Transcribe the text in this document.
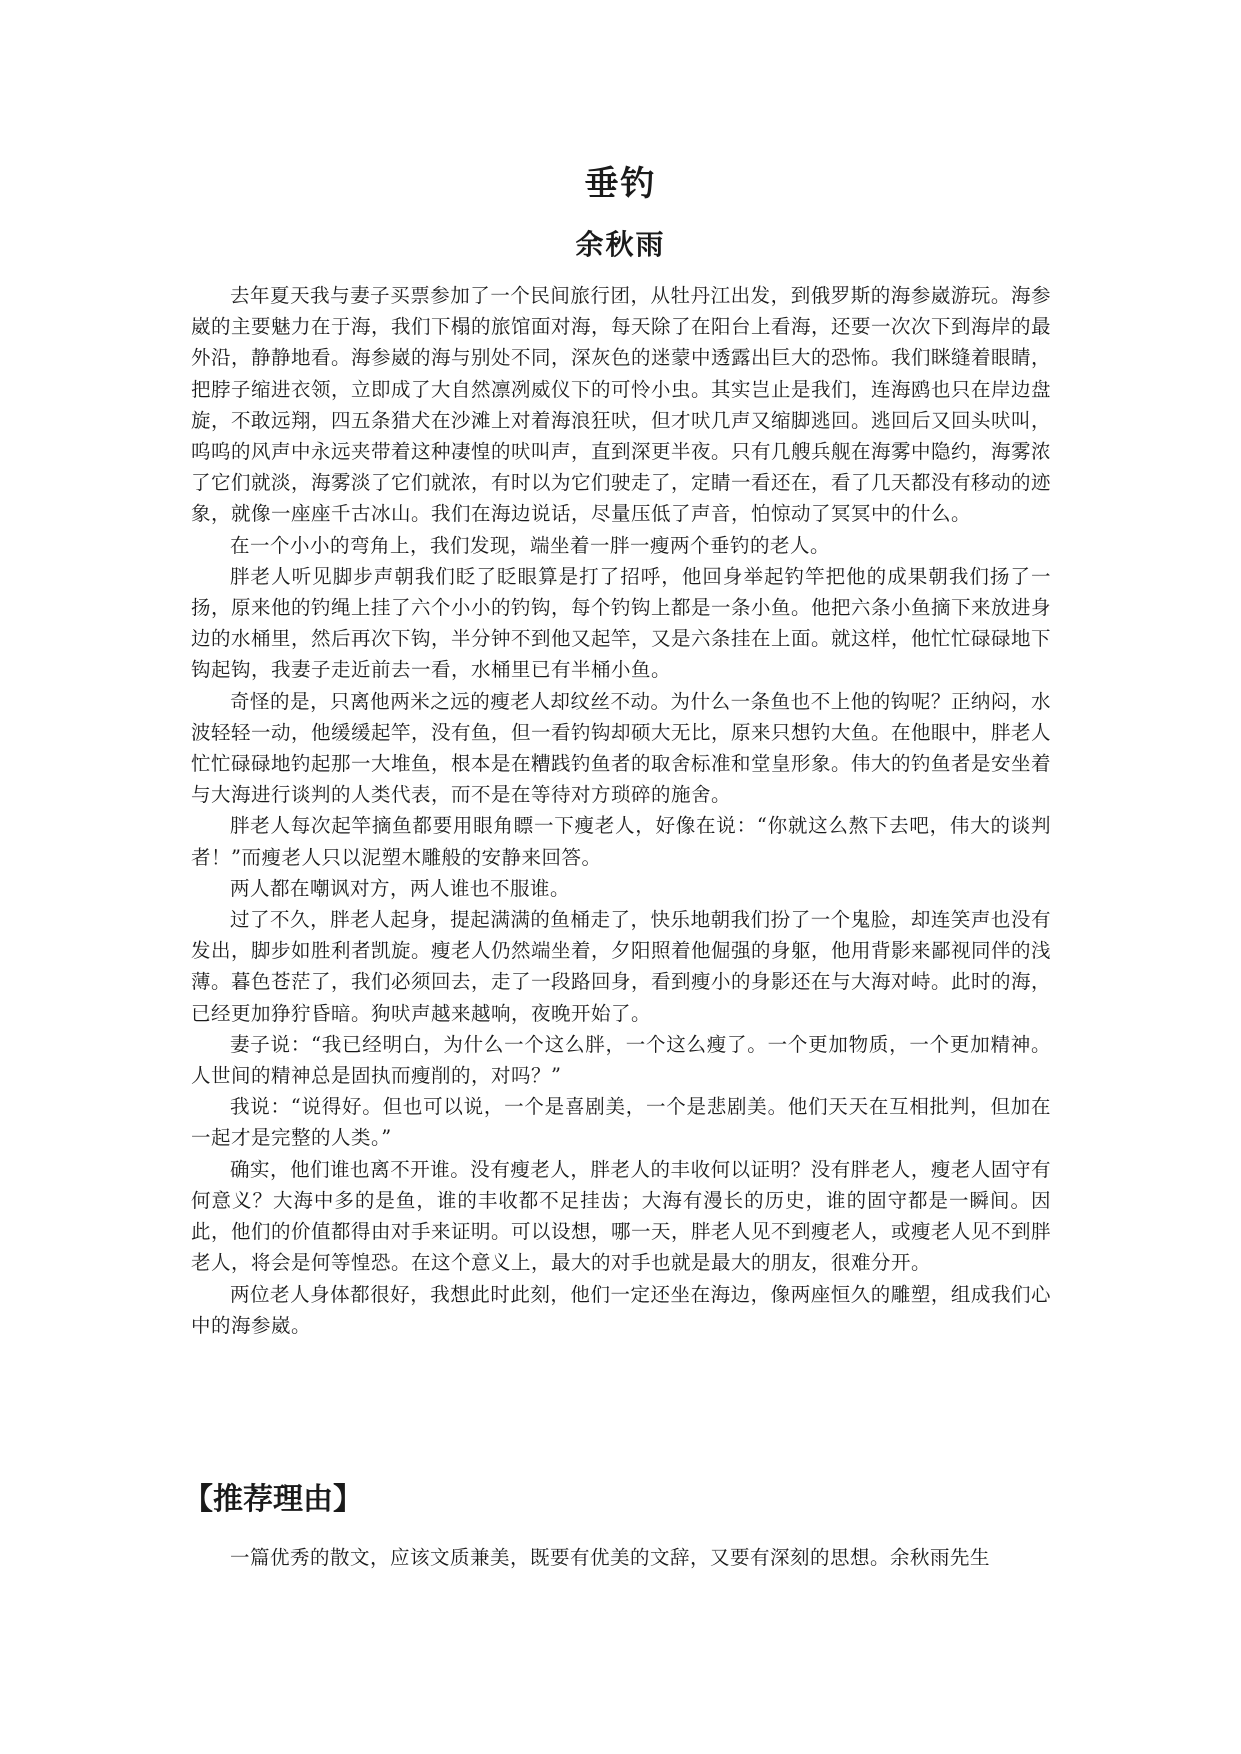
垂钓
余秋雨

去年夏天我与妻子买票参加了一个民间旅行团，从牡丹江出发，到俄罗斯的海参崴游玩。海参崴的主要魅力在于海，我们下榻的旅馆面对海，每天除了在阳台上看海，还要一次次下到海岸的最外沿，静静地看。海参崴的海与别处不同，深灰色的迷蒙中透露出巨大的恐怖。我们眯缝着眼睛，把脖子缩进衣领，立即成了大自然凛冽威仪下的可怜小虫。其实岂止是我们，连海鸥也只在岸边盘旋，不敢远翔，四五条猎犬在沙滩上对着海浪狂吠，但才吠几声又缩脚逃回。逃回后又回头吠叫，呜呜的风声中永远夹带着这种凄惶的吠叫声，直到深更半夜。只有几艘兵舰在海雾中隐约，海雾浓了它们就淡，海雾淡了它们就浓，有时以为它们驶走了，定睛一看还在，看了几天都没有移动的迹象，就像一座座千古冰山。我们在海边说话，尽量压低了声音，怕惊动了冥冥中的什么。

在一个小小的弯角上，我们发现，端坐着一胖一瘦两个垂钓的老人。

胖老人听见脚步声朝我们眨了眨眼算是打了招呼，他回身举起钓竿把他的成果朝我们扬了一扬，原来他的钓绳上挂了六个小小的钓钩，每个钓钩上都是一条小鱼。他把六条小鱼摘下来放进身边的水桶里，然后再次下钩，半分钟不到他又起竿，又是六条挂在上面。就这样，他忙忙碌碌地下钩起钩，我妻子走近前去一看，水桶里已有半桶小鱼。

奇怪的是，只离他两米之远的瘦老人却纹丝不动。为什么一条鱼也不上他的钩呢？正纳闷，水波轻轻一动，他缓缓起竿，没有鱼，但一看钓钩却硕大无比，原来只想钓大鱼。在他眼中，胖老人忙忙碌碌地钓起那一大堆鱼，根本是在糟践钓鱼者的取舍标准和堂皇形象。伟大的钓鱼者是安坐着与大海进行谈判的人类代表，而不是在等待对方琐碎的施舍。

胖老人每次起竿摘鱼都要用眼角瞟一下瘦老人，好像在说：“你就这么熬下去吧，伟大的谈判者！”而瘦老人只以泥塑木雕般的安静来回答。

两人都在嘲讽对方，两人谁也不服谁。

过了不久，胖老人起身，提起满满的鱼桶走了，快乐地朝我们扮了一个鬼脸，却连笑声也没有发出，脚步如胜利者凯旋。瘦老人仍然端坐着，夕阳照着他倔强的身躯，他用背影来鄙视同伴的浅薄。暮色苍茫了，我们必须回去，走了一段路回身，看到瘦小的身影还在与大海对峙。此时的海，已经更加狰狞昏暗。狗吠声越来越响，夜晚开始了。

妻子说：“我已经明白，为什么一个这么胖，一个这么瘦了。一个更加物质，一个更加精神。人世间的精神总是固执而瘦削的，对吗？”

我说：“说得好。但也可以说，一个是喜剧美，一个是悲剧美。他们天天在互相批判，但加在一起才是完整的人类。”

确实，他们谁也离不开谁。没有瘦老人，胖老人的丰收何以证明？没有胖老人，瘦老人固守有何意义？大海中多的是鱼，谁的丰收都不足挂齿；大海有漫长的历史，谁的固守都是一瞬间。因此，他们的价值都得由对手来证明。可以设想，哪一天，胖老人见不到瘦老人，或瘦老人见不到胖老人，将会是何等惶恐。在这个意义上，最大的对手也就是最大的朋友，很难分开。

两位老人身体都很好，我想此时此刻，他们一定还坐在海边，像两座恒久的雕塑，组成我们心中的海参崴。

【推荐理由】

一篇优秀的散文，应该文质兼美，既要有优美的文辞，又要有深刻的思想。余秋雨先生
